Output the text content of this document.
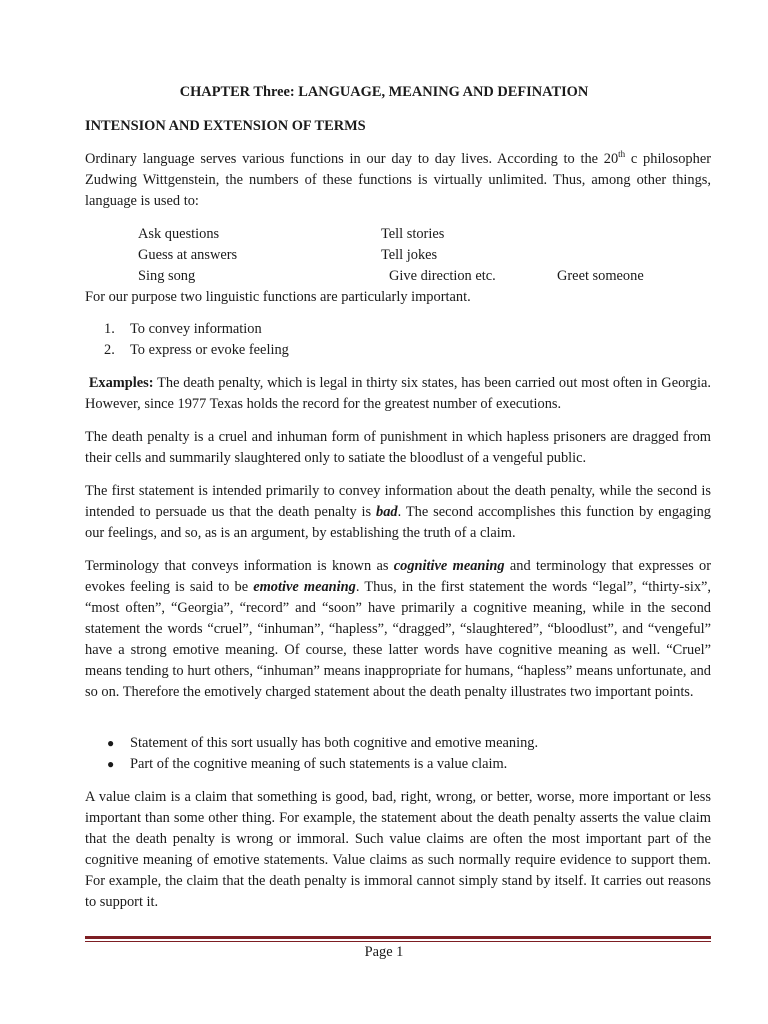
CHAPTER Three: LANGUAGE, MEANING AND DEFINATION
INTENSION AND EXTENSION OF TERMS

Ordinary language serves various functions in our day to day lives. According to the 20th c philosopher Zudwing Wittgenstein, the numbers of these functions is virtually unlimited. Thus, among other things, language is used to:

Ask questions	Tell stories
Guess at answers	Tell jokes
Sing song	Give direction etc.	Greet someone
For our purpose two linguistic functions are particularly important.
1.	To convey information
2.	To express or evoke feeling

Examples: The death penalty, which is legal in thirty six states, has been carried out most often in Georgia. However, since 1977 Texas holds the record for the greatest number of executions.

The death penalty is a cruel and inhuman form of punishment in which hapless prisoners are dragged from their cells and summarily slaughtered only to satiate the bloodlust of a vengeful public.

The first statement is intended primarily to convey information about the death penalty, while the second is intended to persuade us that the death penalty is bad. The second accomplishes this function by engaging our feelings, and so, as is an argument, by establishing the truth of a claim.

Terminology that conveys information is known as cognitive meaning and terminology that expresses or evokes feeling is said to be emotive meaning. Thus, in the first statement the words “legal”, “thirty-six”, “most often”, “Georgia”, “record” and “soon” have primarily a cognitive meaning, while in the second statement the words “cruel”, “inhuman”, “hapless”, “dragged”, “slaughtered”, “bloodlust”, and “vengeful” have a strong emotive meaning. Of course, these latter words have cognitive meaning as well. “Cruel” means tending to hurt others, “inhuman” means inappropriate for humans, “hapless” means unfortunate, and so on. Therefore the emotively charged statement about the death penalty illustrates two important points.

●	Statement of this sort usually has both cognitive and emotive meaning.
●	Part of the cognitive meaning of such statements is a value claim.

A value claim is a claim that something is good, bad, right, wrong, or better, worse, more important or less important than some other thing. For example, the statement about the death penalty asserts the value claim that the death penalty is wrong or immoral. Such value claims are often the most important part of the cognitive meaning of emotive statements. Value claims as such normally require evidence to support them. For example, the claim that the death penalty is immoral cannot simply stand by itself. It carries out reasons to support it.

Page 1
